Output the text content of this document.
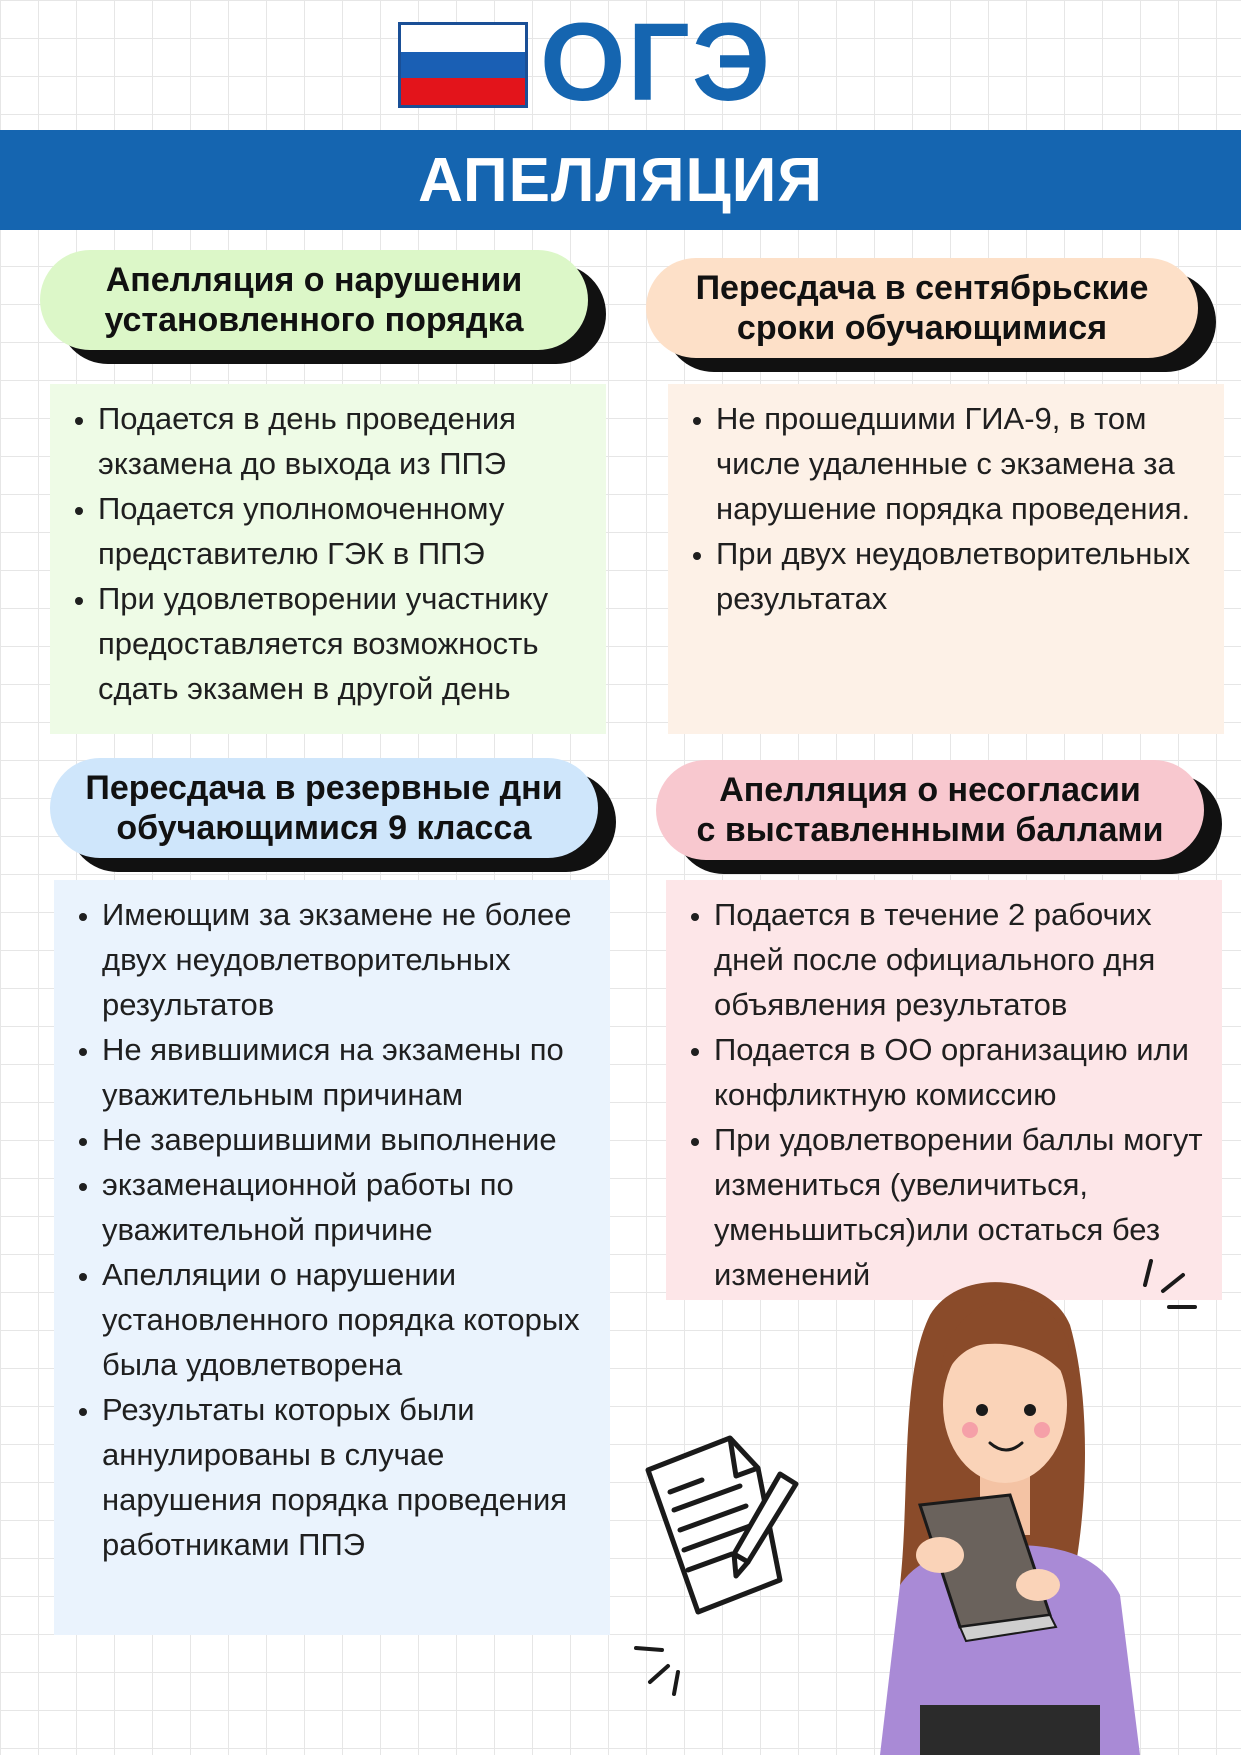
ОГЭ
АПЕЛЛЯЦИЯ
Апелляция о нарушении
установленного порядка
Пересдача в сентябрьские
сроки обучающимися
• Подается в день проведения экзамена до выхода из ППЭ
• Подается уполномоченному представителю ГЭК в ППЭ
• При удовлетворении участнику предоставляется возможность сдать экзамен в другой день
• Не прошедшими ГИА-9, в том числе удаленные с экзамена за нарушение порядка проведения.
• При двух неудовлетворительных результатах
Пересдача в резервные дни
обучающимися 9 класса
Апелляция о несогласии
с выставленными баллами
• Имеющим за экзамене не более двух неудовлетворительных результатов
• Не явившимися на экзамены по уважительным причинам
• Не завершившими выполнение
• экзаменационной работы по уважительной причине
• Апелляции о нарушении установленного порядка которых была удовлетворена
• Результаты которых были аннулированы в случае нарушения порядка проведения работниками ППЭ
• Подается в течение 2 рабочих дней после официального дня объявления результатов
• Подается в ОО организацию или конфликтную комиссию
• При удовлетворении баллы могут измениться (увеличиться, уменьшиться)или остаться без изменений
